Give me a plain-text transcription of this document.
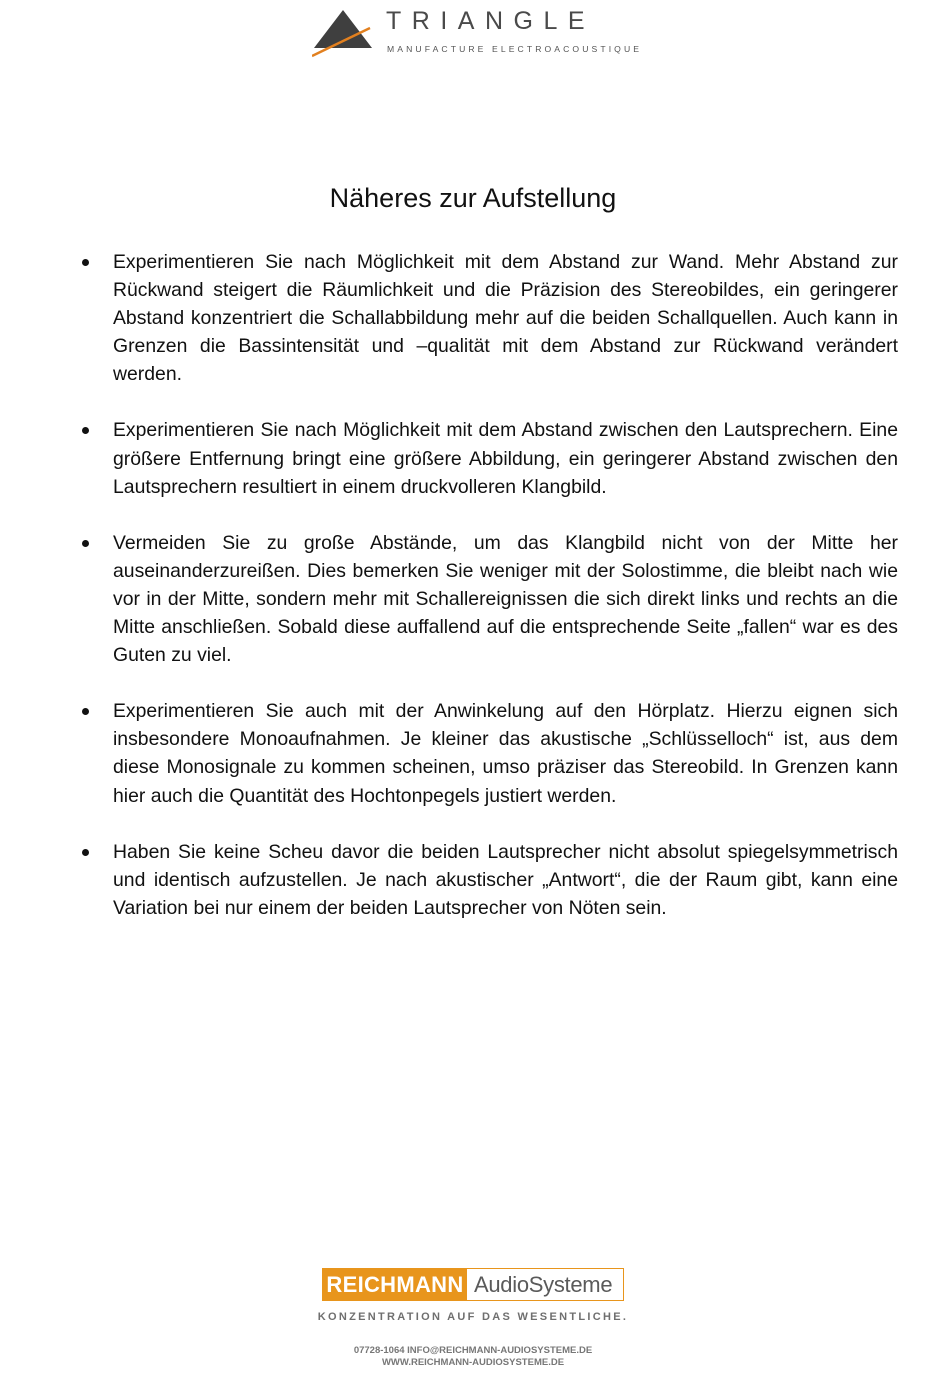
TRIANGLE
MANUFACTURE ELECTROACOUSTIQUE
Näheres zur Aufstellung
Experimentieren Sie nach Möglichkeit mit dem Abstand zur Wand. Mehr Abstand zur Rückwand steigert die Räumlichkeit und die Präzision des Stereobildes, ein geringerer Abstand konzentriert die Schallabbildung mehr auf die beiden Schallquellen. Auch kann in Grenzen die Bassintensität und –qualität mit dem Abstand zur Rückwand verändert werden.
Experimentieren Sie nach Möglichkeit mit dem Abstand zwischen den Lautsprechern. Eine größere Entfernung bringt eine größere Abbildung, ein geringerer Abstand zwischen den Lautsprechern resultiert in einem druckvolleren Klangbild.
Vermeiden Sie zu große Abstände, um das Klangbild nicht von der Mitte her auseinanderzureißen. Dies bemerken Sie weniger mit der Solostimme, die bleibt nach wie vor in der Mitte, sondern mehr mit Schallereignissen die sich direkt links und rechts an die Mitte anschließen. Sobald diese auffallend auf die entsprechende Seite „fallen“ war es des Guten zu viel.
Experimentieren Sie auch mit der Anwinkelung auf den Hörplatz. Hierzu eignen sich insbesondere Monoaufnahmen. Je kleiner das akustische „Schlüsselloch“ ist, aus dem diese Monosignale zu kommen scheinen, umso präziser das Stereobild. In Grenzen kann hier auch die Quantität des Hochtonpegels justiert werden.
Haben Sie keine Scheu davor die beiden Lautsprecher nicht absolut spiegelsymmetrisch und identisch aufzustellen. Je nach akustischer „Antwort“, die der Raum gibt, kann eine Variation bei nur einem der beiden Lautsprecher von Nöten sein.
REICHMANN AudioSysteme
KONZENTRATION AUF DAS WESENTLICHE.
07728-1064 INFO@REICHMANN-AUDIOSYSTEME.DE
WWW.REICHMANN-AUDIOSYSTEME.DE
